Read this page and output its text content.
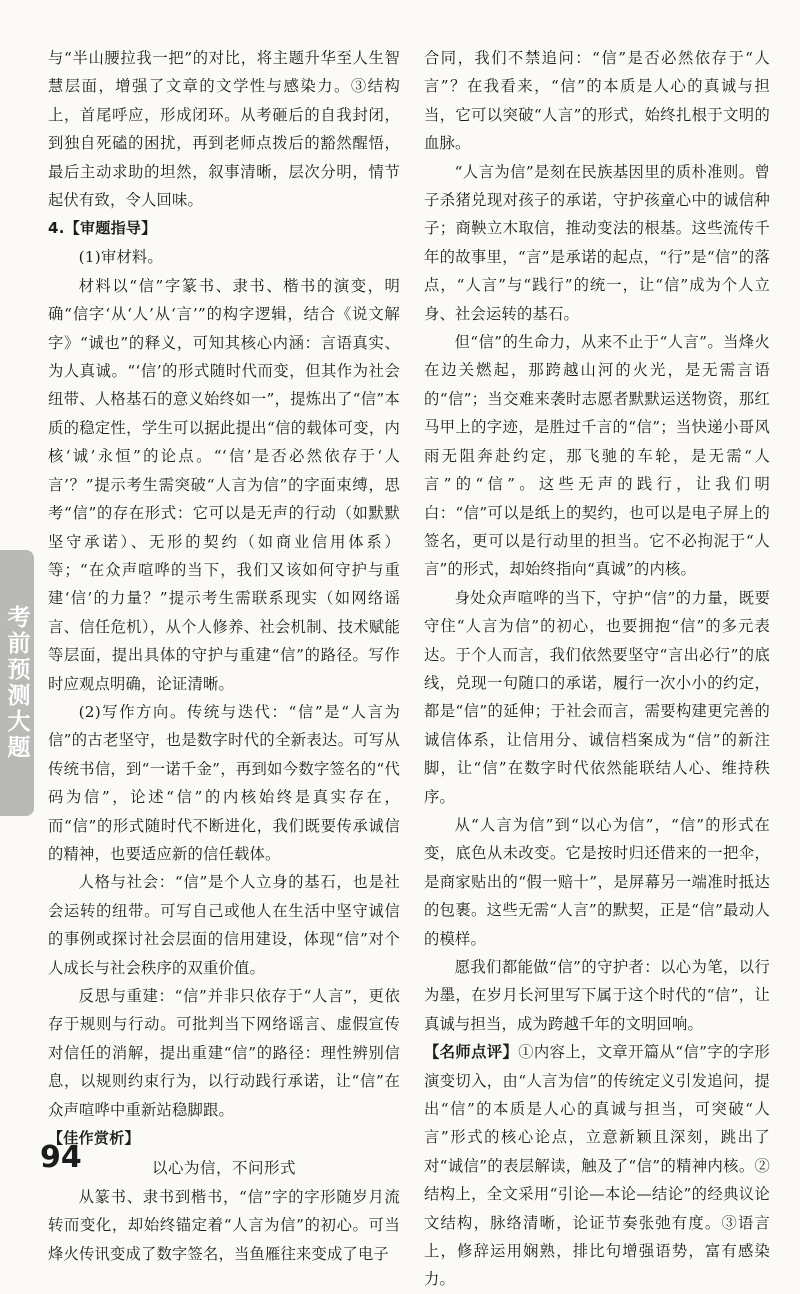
考前预测大题

与“半山腰拉我一把”的对比，将主题升华至人生智慧层面，增强了文章的文学性与感染力。③结构上，首尾呼应，形成闭环。从考砸后的自我封闭，到独自死磕的困扰，再到老师点拨后的豁然醒悟，最后主动求助的坦然，叙事清晰，层次分明，情节起伏有致，令人回味。

4.【审题指导】

(1)审材料。

材料以“信”字篆书、隶书、楷书的演变，明确“信字‘从‘人’从‘言’”的构字逻辑，结合《说文解字》“诚也”的释义，可知其核心内涵：言语真实、为人真诚。“‘信’的形式随时代而变，但其作为社会纽带、人格基石的意义始终如一”，提炼出了“信”本质的稳定性，学生可以据此提出“信的载体可变，内核‘诚’永恒”的论点。“‘信’是否必然依存于‘人言’？”提示考生需突破“人言为信”的字面束缚，思考“信”的存在形式：它可以是无声的行动（如默默坚守承诺）、无形的契约（如商业信用体系）等；“在众声喧哗的当下，我们又该如何守护与重建‘信’的力量？”提示考生需联系现实（如网络谣言、信任危机），从个人修养、社会机制、技术赋能等层面，提出具体的守护与重建“信”的路径。写作时应观点明确，论证清晰。

(2)写作方向。传统与迭代：“信”是“人言为信”的古老坚守，也是数字时代的全新表达。可写从传统书信，到“一诺千金”，再到如今数字签名的“代码为信”，论述“信”的内核始终是真实存在，而“信”的形式随时代不断进化，我们既要传承诚信的精神，也要适应新的信任载体。

人格与社会：“信”是个人立身的基石，也是社会运转的纽带。可写自己或他人在生活中坚守诚信的事例或探讨社会层面的信用建设，体现“信”对个人成长与社会秩序的双重价值。

反思与重建：“信”并非只依存于“人言”，更依存于规则与行动。可批判当下网络谣言、虚假宣传对信任的消解，提出重建“信”的路径：理性辨别信息，以规则约束行为，以行动践行承诺，让“信”在众声喧哗中重新站稳脚跟。

【佳作赏析】
以心为信，不问形式

从篆书、隶书到楷书，“信”字的字形随岁月流转而变化，却始终锚定着“人言为信”的初心。可当烽火传讯变成了数字签名，当鱼雁往来变成了电子

合同，我们不禁追问：“信”是否必然依存于“人言”？在我看来，“信”的本质是人心的真诚与担当，它可以突破“人言”的形式，始终扎根于文明的血脉。

“人言为信”是刻在民族基因里的质朴准则。曾子杀猪兑现对孩子的承诺，守护孩童心中的诚信种子；商鞅立木取信，推动变法的根基。这些流传千年的故事里，“言”是承诺的起点，“行”是“信”的落点，“人言”与“践行”的统一，让“信”成为个人立身、社会运转的基石。

但“信”的生命力，从来不止于“人言”。当烽火在边关燃起，那跨越山河的火光，是无需言语的“信”；当交难来袭时志愿者默默运送物资，那红马甲上的字迹，是胜过千言的“信”；当快递小哥风雨无阻奔赴约定，那飞驰的车轮，是无需“人言”的“信”。这些无声的践行，让我们明白：“信”可以是纸上的契约，也可以是电子屏上的签名，更可以是行动里的担当。它不必拘泥于“人言”的形式，却始终指向“真诚”的内核。

身处众声喧哗的当下，守护“信”的力量，既要守住“人言为信”的初心，也要拥抱“信”的多元表达。于个人而言，我们依然要坚守“言出必行”的底线，兑现一句随口的承诺，履行一次小小的约定，都是“信”的延伸；于社会而言，需要构建更完善的诚信体系，让信用分、诚信档案成为“信”的新注脚，让“信”在数字时代依然能联结人心、维持秩序。

从“人言为信”到“以心为信”，“信”的形式在变，底色从未改变。它是按时归还借来的一把伞，是商家贴出的“假一赔十”，是屏幕另一端准时抵达的包裹。这些无需“人言”的默契，正是“信”最动人的模样。

愿我们都能做“信”的守护者：以心为笔，以行为墨，在岁月长河里写下属于这个时代的“信”，让真诚与担当，成为跨越千年的文明回响。

【名师点评】①内容上，文章开篇从“信”字的字形演变切入，由“人言为信”的传统定义引发追问，提出“信”的本质是人心的真诚与担当，可突破“人言”形式的核心论点，立意新颖且深刻，跳出了对“诚信”的表层解读，触及了“信”的精神内核。②结构上，全文采用“引论—本论—结论”的经典议论文结构，脉络清晰，论证节奏张弛有度。③语言上，修辞运用娴熟，排比句增强语势，富有感染力。

94
